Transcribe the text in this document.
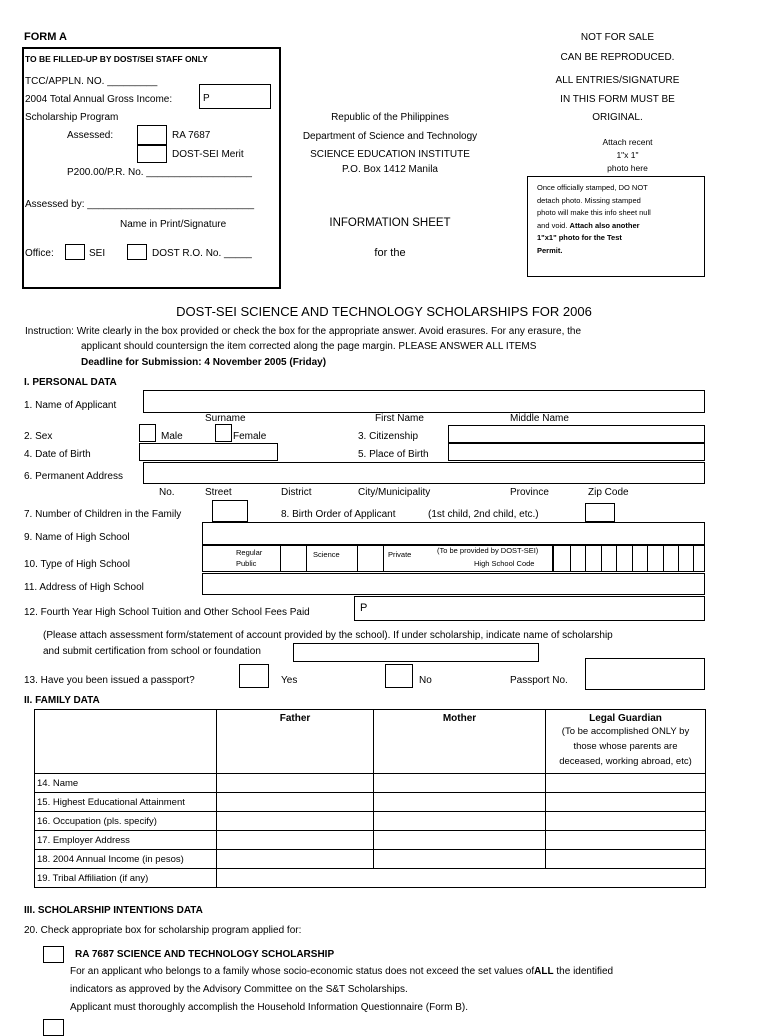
FORM A
TO BE FILLED-UP BY DOST/SEI STAFF ONLY
TCC/APPLN. NO. _________
2004 Total Annual Gross Income:	P
Scholarship Program
Assessed:	RA 7687
DOST-SEI Merit
P200.00/P.R. No. ___________________
Assessed by: ______________________________
Name in Print/Signature
Office:	SEI	DOST R.O. No. _____
Republic of the Philippines
Department of Science and Technology
SCIENCE EDUCATION INSTITUTE
P.O. Box 1412 Manila
INFORMATION SHEET
for the
NOT FOR SALE
CAN BE REPRODUCED.
ALL ENTRIES/SIGNATURE
IN THIS FORM MUST BE
ORIGINAL.
Attach recent
1"x 1"
photo here
Once officially stamped, DO NOT
detach photo. Missing stamped
photo will make this info sheet null
and void. Attach also another
1"x1" photo for the Test
Permit.
DOST-SEI SCIENCE AND TECHNOLOGY SCHOLARSHIPS FOR 2006
Instruction: Write clearly in the box provided or check the box for the appropriate answer. Avoid erasures. For any erasure, the
applicant should countersign the item corrected along the page margin. PLEASE ANSWER ALL ITEMS
Deadline for Submission: 4 November 2005 (Friday)
I. PERSONAL DATA
1. Name of Applicant
Surname	First Name	Middle Name
2. Sex	Male	Female	3. Citizenship
4. Date of Birth	5. Place of Birth
6. Permanent Address
No.	Street	District	City/Municipality	Province	Zip Code
7. Number of Children in the Family	8. Birth Order of Applicant	(1st child, 2nd child, etc.)
9. Name of High School
10. Type of High School
Regular
Public
Science	Private	(To be provided by DOST-SEI)
High School Code
11. Address of High School
12. Fourth Year High School Tuition and Other School Fees Paid	P
(Please attach assessment form/statement of account provided by the school). If under scholarship, indicate name of scholarship
and submit certification from school or foundation
13. Have you been issued a passport?	Yes	No	Passport No.
II. FAMILY DATA
	Father	Mother	Legal Guardian
(To be accomplished ONLY by
those whose parents are
deceased, working abroad, etc)

14. Name			
15. Highest Educational Attainment			
16. Occupation (pls. specify)			
17. Employer Address			
18. 2004 Annual Income (in pesos)			
19. Tribal Affiliation (if any)			
III. SCHOLARSHIP INTENTIONS DATA
20. Check appropriate box for scholarship program applied for:
RA 7687 SCIENCE AND TECHNOLOGY SCHOLARSHIP
For an applicant who belongs to a family whose socio-economic status does not exceed the set values ofALL the identified
indicators as approved by the Advisory Committee on the S&T Scholarships.
Applicant must thoroughly accomplish the Household Information Questionnaire (Form B).
